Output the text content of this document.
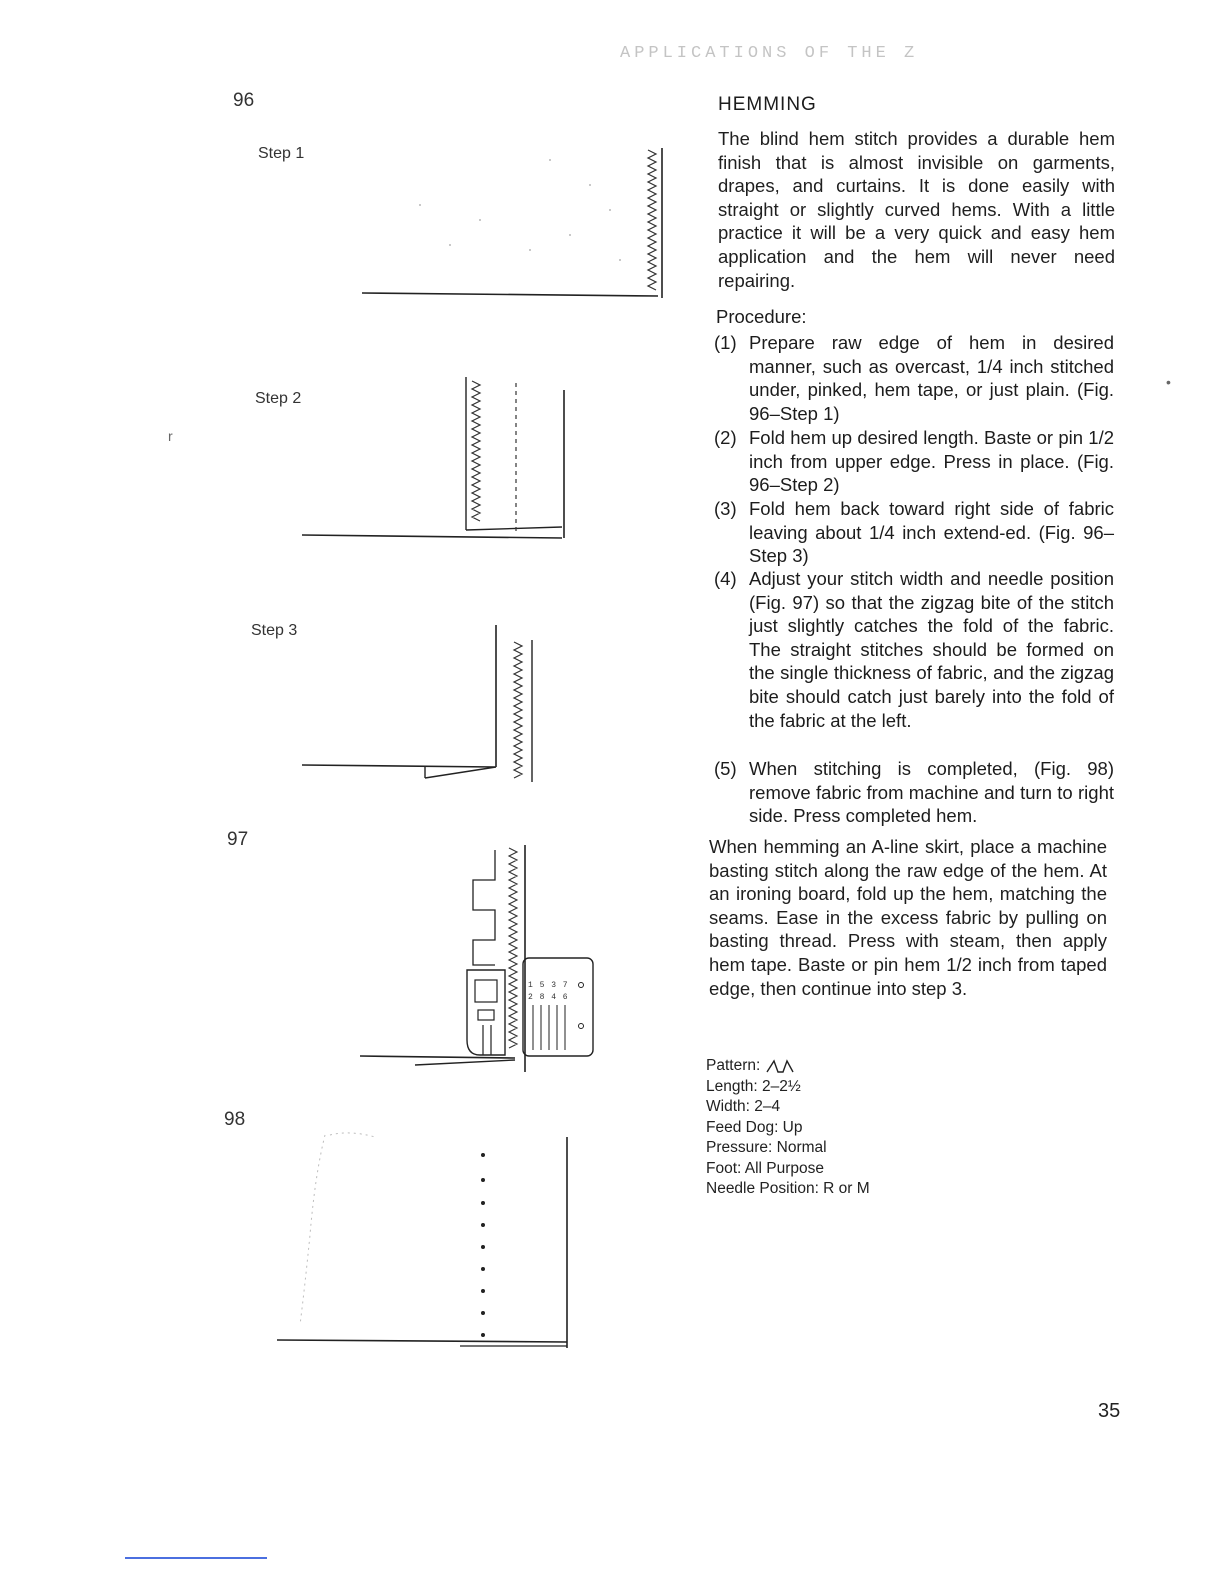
APPLICATIONS OF THE Z
96
Step 1
Step 2
Step 3
97
98
1 5 3 7
2 8 4 6
r
•
HEMMING
The blind hem stitch provides a durable hem finish that is almost invisible on garments, drapes, and curtains. It is done easily with straight or slightly curved hems. With a little practice it will be a very quick and easy hem application and the hem will never need repairing.
Procedure:
(1) Prepare raw edge of hem in desired manner, such as overcast, 1/4 inch stitched under, pinked, hem tape, or just plain. (Fig. 96–Step 1)
(2) Fold hem up desired length. Baste or pin 1/2 inch from upper edge. Press in place. (Fig. 96–Step 2)
(3) Fold hem back toward right side of fabric leaving about 1/4 inch extend-ed. (Fig. 96–Step 3)
(4) Adjust your stitch width and needle position (Fig. 97) so that the zigzag bite of the stitch just slightly catches the fold of the fabric. The straight stitches should be formed on the single thickness of fabric, and the zigzag bite should catch just barely into the fold of the fabric at the left.
(5) When stitching is completed, (Fig. 98) remove fabric from machine and turn to right side. Press completed hem.
When hemming an A-line skirt, place a machine basting stitch along the raw edge of the hem. At an ironing board, fold up the hem, matching the seams. Ease in the excess fabric by pulling on basting thread. Press with steam, then apply hem tape. Baste or pin hem 1/2 inch from taped edge, then continue into step 3.
Pattern:
Length: 2–2½
Width: 2–4
Feed Dog: Up
Pressure: Normal
Foot: All Purpose
Needle Position: R or M
35
